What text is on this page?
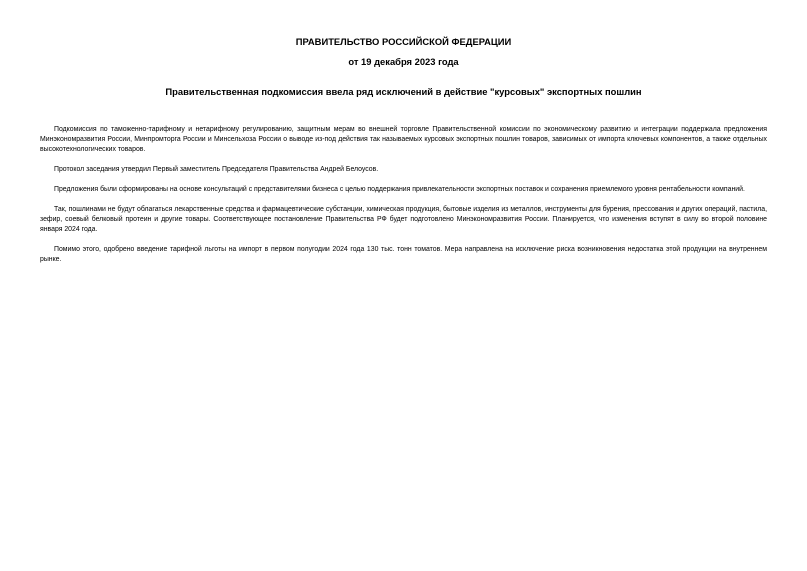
ПРАВИТЕЛЬСТВО РОССИЙСКОЙ ФЕДЕРАЦИИ
от 19 декабря 2023 года
Правительственная подкомиссия ввела ряд исключений в действие "курсовых" экспортных пошлин

Подкомиссия по таможенно-тарифному и нетарифному регулированию, защитным мерам во внешней торговле Правительственной комиссии по экономическому развитию и интеграции поддержала предложения Минэкономразвития России, Минпромторга России и Минсельхоза России о выводе из-под действия так называемых курсовых экспортных пошлин товаров, зависимых от импорта ключевых компонентов, а также отдельных высокотехнологических товаров.

Протокол заседания утвердил Первый заместитель Председателя Правительства Андрей Белоусов.

Предложения были сформированы на основе консультаций с представителями бизнеса с целью поддержания привлекательности экспортных поставок и сохранения приемлемого уровня рентабельности компаний.

Так, пошлинами не будут облагаться лекарственные средства и фармацевтические субстанции, химическая продукция, бытовые изделия из металлов, инструменты для бурения, прессования и других операций, пастила, зефир, соевый белковый протеин и другие товары. Соответствующее постановление Правительства РФ будет подготовлено Минэкономразвития России. Планируется, что изменения вступят в силу во второй половине января 2024 года.

Помимо этого, одобрено введение тарифной льготы на импорт в первом полугодии 2024 года 130 тыс. тонн томатов. Мера направлена на исключение риска возникновения недостатка этой продукции на внутреннем рынке.
